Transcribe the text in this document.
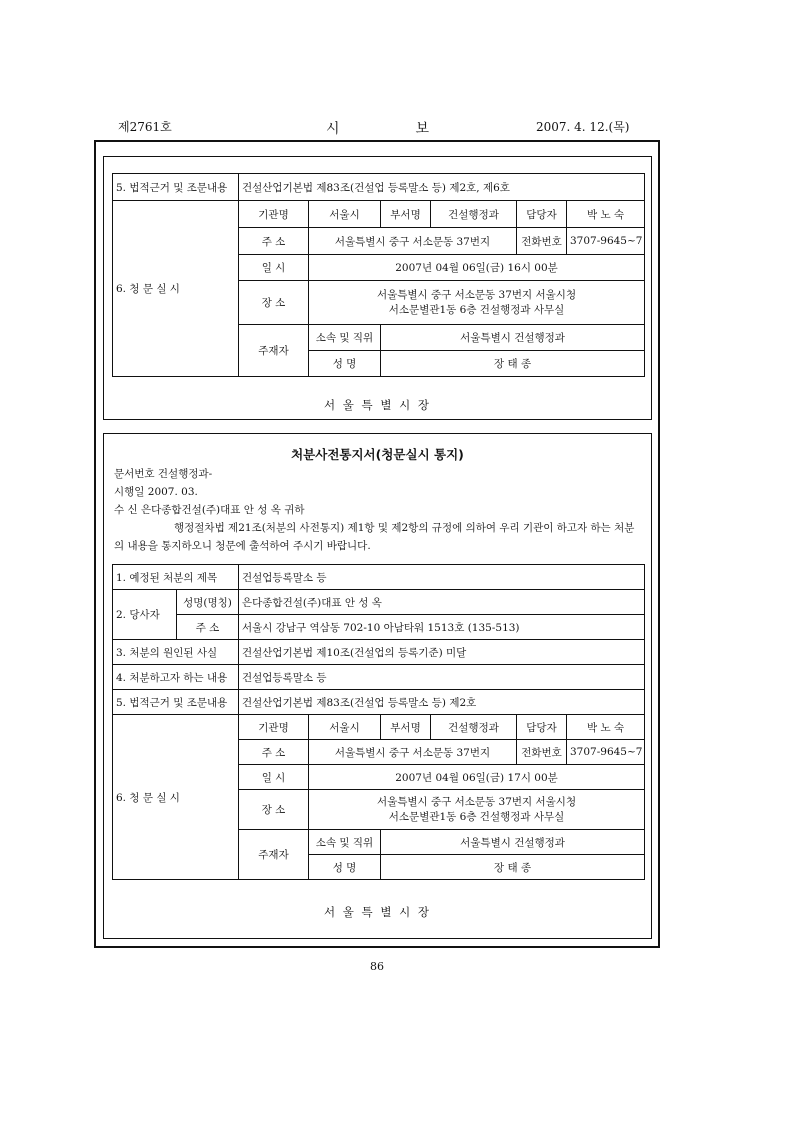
제2761호	시	보	2007. 4. 12.(목)
5. 법적근거 및 조문내용	건설산업기본법 제83조(건설업 등록말소 등) 제2호, 제6호					
6. 청 문 실 시	기관명	서울시	부서명	건설행정과	담당자	박 노 숙
	주 소	서울특별시 중구 서소문동 37번지			전화번호	3707-9645~7
	일 시	2007년 04월 06일(금) 16시 00분				
	장 소	서울특별시 중구 서소문동 37번지 서울시청
서소문별관1동 6층 건설행정과 사무실				

	주재자	소속 및 직위	서울특별시 건설행정과			
		성 명	장 태 종			
서 울 특 별 시 장
처분사전통지서(청문실시 통지)
문서번호 건설행정과-
시행일 2007. 03.
수 신 은다종합건설(주)대표 안 성 옥 귀하
행정절차법 제21조(처분의 사전통지) 제1항 및 제2항의 규정에 의하여 우리 기관이 하고자 하는 처분
의 내용을 통지하오니 청문에 출석하여 주시기 바랍니다.
1. 예정된 처분의 제목		건설업등록말소 등					
2. 당사자	성명(명칭)	은다종합건설(주)대표 안 성 옥					
	주 소	서울시 강남구 역삼동 702-10 아남타워 1513호 (135-513)					
3. 처분의 원인된 사실		건설산업기본법 제10조(건설업의 등록기준) 미달					
4. 처분하고자 하는 내용		건설업등록말소 등					
5. 법적근거 및 조문내용		건설산업기본법 제83조(건설업 등록말소 등) 제2호					
6. 청 문 실 시		기관명	서울시	부서명	건설행정과	담당자	박 노 숙
		주 소	서울특별시 중구 서소문동 37번지			전화번호	3707-9645~7
		일 시	2007년 04월 06일(금) 17시 00분				
		장 소	서울특별시 중구 서소문동 37번지 서울시청
서소문별관1동 6층 건설행정과 사무실				

		주재자	소속 및 직위	서울특별시 건설행정과			
			성 명	장 태 종			
서 울 특 별 시 장
86
